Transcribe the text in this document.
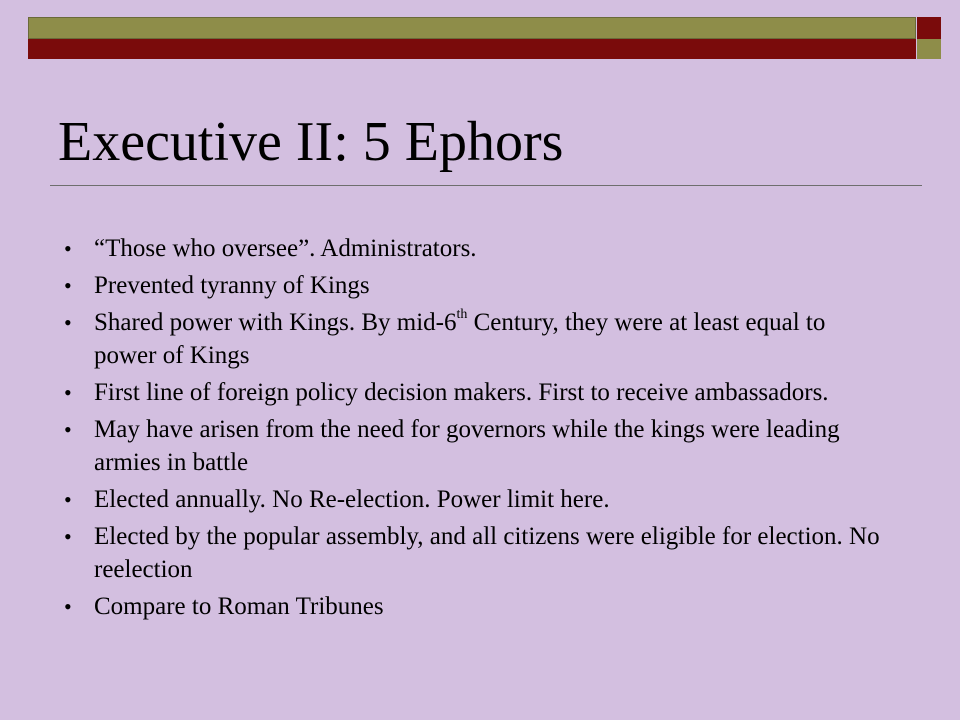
Executive II: 5 Ephors
• “Those who oversee”. Administrators.
• Prevented tyranny of Kings
• Shared power with Kings. By mid-6th Century, they were at least equal to power of Kings
• First line of foreign policy decision makers. First to receive ambassadors.
• May have arisen from the need for governors while the kings were leading armies in battle
• Elected annually. No Re-election. Power limit here.
• Elected by the popular assembly, and all citizens were eligible for election. No reelection
• Compare to Roman Tribunes
